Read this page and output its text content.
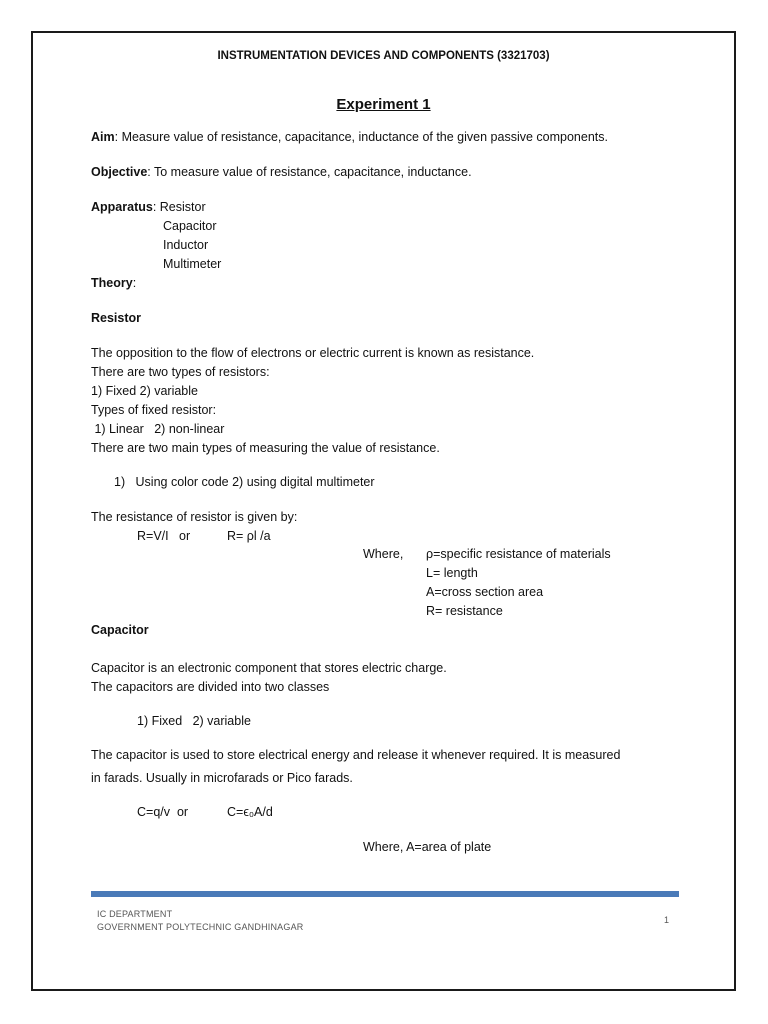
INSTRUMENTATION DEVICES AND COMPONENTS (3321703)
Experiment 1
Aim: Measure value of resistance, capacitance, inductance of the given passive components.
Objective: To measure value of resistance, capacitance, inductance.
Apparatus: Resistor
Capacitor
Inductor
Multimeter
Theory:
Resistor
The opposition to the flow of electrons or electric current is known as resistance.
There are two types of resistors:
1) Fixed 2) variable
Types of fixed resistor:
1) Linear   2) non-linear
There are two main types of measuring the value of resistance.
1)   Using color code 2) using digital multimeter
The resistance of resistor is given by:
R=V/I   or	R= ρl /a
Where, ρ=specific resistance of materials
L= length
A=cross section area
R= resistance
Capacitor
Capacitor is an electronic component that stores electric charge.
The capacitors are divided into two classes
1) Fixed   2) variable
The capacitor is used to store electrical energy and release it whenever required. It is measured
in farads. Usually in microfarads or Pico farads.
C=q/v  or	C=ϵ₀A/d
Where, A=area of plate
IC DEPARTMENT
GOVERNMENT POLYTECHNIC GANDHINAGAR
1
